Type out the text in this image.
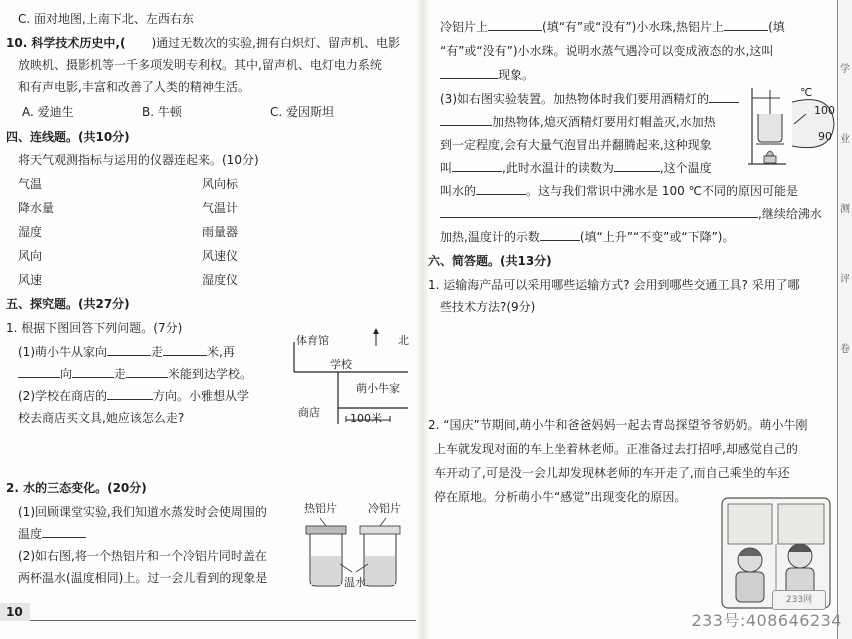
C. 面对地图,上南下北、左西右东
10. 科学技术历史中,( )通过无数次的实验,拥有白炽灯、留声机、电影
放映机、摄影机等一千多项发明专利权。其中,留声机、电灯电力系统
和有声电影,丰富和改善了人类的精神生活。
A. 爱迪生	B. 牛顿	C. 爱因斯坦
四、连线题。(共10分)
将天气观测指标与运用的仪器连起来。(10分)
气温
降水量
湿度
风向
风速
风向标
气温计
雨量器
风速仪
湿度仪
五、探究题。(共27分)
1. 根据下图回答下列问题。(7分)
(1)萌小牛从家向	走	米,再
向	走	米能到达学校。
(2)学校在商店的	方向。小雅想从学
校去商店买文具,她应该怎么走?
体育馆	北
学校
萌小牛家
商店	100米
2. 水的三态变化。(20分)
(1)回顾课堂实验,我们知道水蒸发时会使周围的
温度
(2)如右图,将一个热铝片和一个冷铝片同时盖在
两杯温水(温度相同)上。过一会儿看到的现象是
热铝片	冷铝片
温水
10
冷铝片上	(填“有”或“没有”)小水珠,热铝片上	(填
“有”或“没有”)小水珠。说明水蒸气遇冷可以变成液态的水,这叫
现象。
(3)如右图实验装置。加热物体时我们要用酒精灯的
加热物体,熄灭酒精灯要用灯帽盖灭,水加热
到一定程度,会有大量气泡冒出并翻腾起来,这种现象
叫	,此时水温计的读数为	,这个温度
叫水的	。这与我们常识中沸水是 100 ℃不同的原因可能是
,继续给沸水
加热,温度计的示数	(填“上升”“不变”或“下降”)。
℃
100
90
六、简答题。(共13分)
1. 运输海产品可以采用哪些运输方式? 会用到哪些交通工具? 采用了哪
些技术方法?(9分)
2. “国庆”节期间,萌小牛和爸爸妈妈一起去青岛探望爷爷奶奶。萌小牛刚
上车就发现对面的车上坐着林老师。正准备过去打招呼,却感觉自己的
车开动了,可是没一会儿却发现林老师的车开走了,而自己乘坐的车还
停在原地。分析萌小牛“感觉”出现变化的原因。
233网
学
业
测
评
卷
233号:408646234
